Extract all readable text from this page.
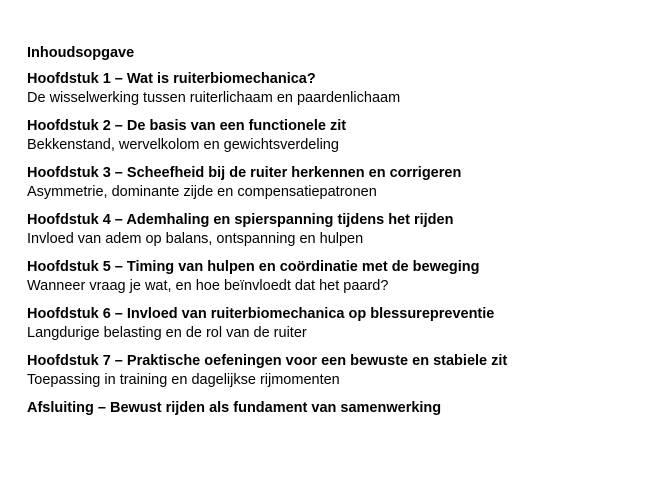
Inhoudsopgave
Hoofdstuk 1 – Wat is ruiterbiomechanica?
De wisselwerking tussen ruiterlichaam en paardenlichaam
Hoofdstuk 2 – De basis van een functionele zit
Bekkenstand, wervelkolom en gewichtsverdeling
Hoofdstuk 3 – Scheefheid bij de ruiter herkennen en corrigeren
Asymmetrie, dominante zijde en compensatiepatronen
Hoofdstuk 4 – Ademhaling en spierspanning tijdens het rijden
Invloed van adem op balans, ontspanning en hulpen
Hoofdstuk 5 – Timing van hulpen en coördinatie met de beweging
Wanneer vraag je wat, en hoe beïnvloedt dat het paard?
Hoofdstuk 6 – Invloed van ruiterbiomechanica op blessurepreventie
Langdurige belasting en de rol van de ruiter
Hoofdstuk 7 – Praktische oefeningen voor een bewuste en stabiele zit
Toepassing in training en dagelijkse rijmomenten
Afsluiting – Bewust rijden als fundament van samenwerking
